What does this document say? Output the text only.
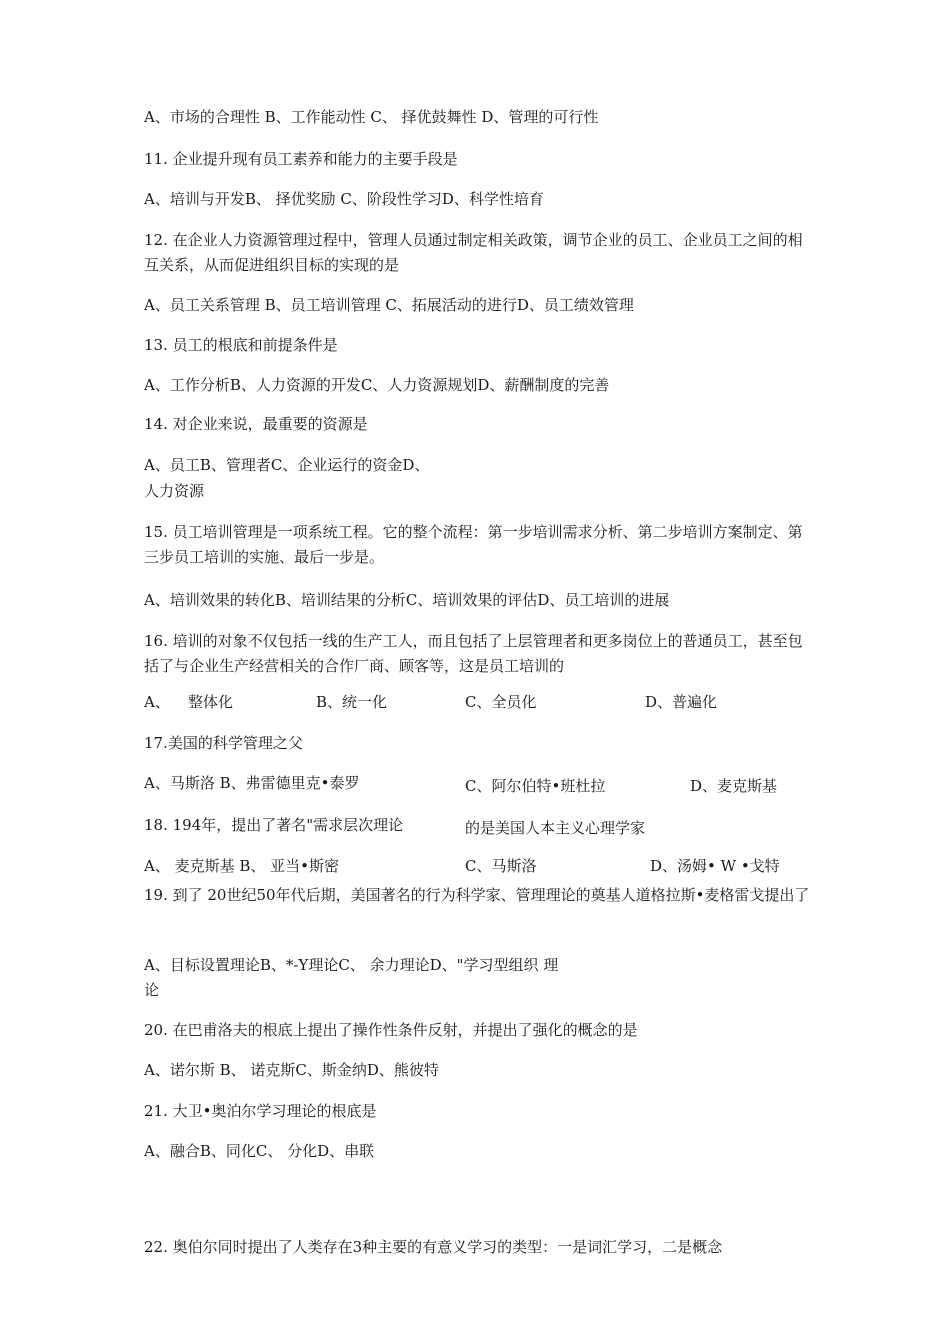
A、市场的合理性 B、工作能动性 C、 择优鼓舞性 D、管理的可行性
11. 企业提升现有员工素养和能力的主要手段是
A、培训与开发B、 择优奖励 C、阶段性学习D、科学性培育
12. 在企业人力资源管理过程中，管理人员通过制定相关政策，调节企业的员工、企业员工之间的相互关系，从而促进组织目标的实现的是
A、员工关系管理 B、员工培训管理 C、拓展活动的进行D、员工绩效管理
13. 员工的根底和前提条件是
A、工作分析B、人力资源的开发C、人力资源规划D、薪酬制度的完善
14. 对企业来说，最重要的资源是
A、员工B、管理者C、企业运行的资金D、
人力资源
15. 员工培训管理是一项系统工程。它的整个流程：第一步培训需求分析、第二步培训方案制定、第三步员工培训的实施、最后一步是。
A、培训效果的转化B、培训结果的分析C、培训效果的评估D、员工培训的进展
16. 培训的对象不仅包括一线的生产工人，而且包括了上层管理者和更多岗位上的普通员工，甚至包括了与企业生产经营相关的合作厂商、顾客等，这是员工培训的
A、 整体化	B、统一化	C、全员化	D、普遍化
17.美国的科学管理之父
A、马斯洛 B、弗雷德里克•泰罗	C、阿尔伯特•班杜拉	D、麦克斯基
18. 194年，提出了著名"需求层次理论	的是美国人本主义心理学家
A、 麦克斯基 B、 亚当•斯密	C、马斯洛	D、汤姆• W •戈特
19. 到了 20世纪50年代后期，美国著名的行为科学家、管理理论的奠基人道格拉斯•麦格雷戈提出了
A、目标设置理论B、*-Y理论C、 余力理论D、"学习型组织 理
论
20. 在巴甫洛夫的根底上提出了操作性条件反射，并提出了强化的概念的是
A、诺尔斯 B、 诺克斯C、斯金纳D、熊彼特
21. 大卫•奥泊尔学习理论的根底是
A、融合B、同化C、 分化D、串联
22. 奥伯尔同时提出了人类存在3种主要的有意义学习的类型：一是词汇学习，二是概念
